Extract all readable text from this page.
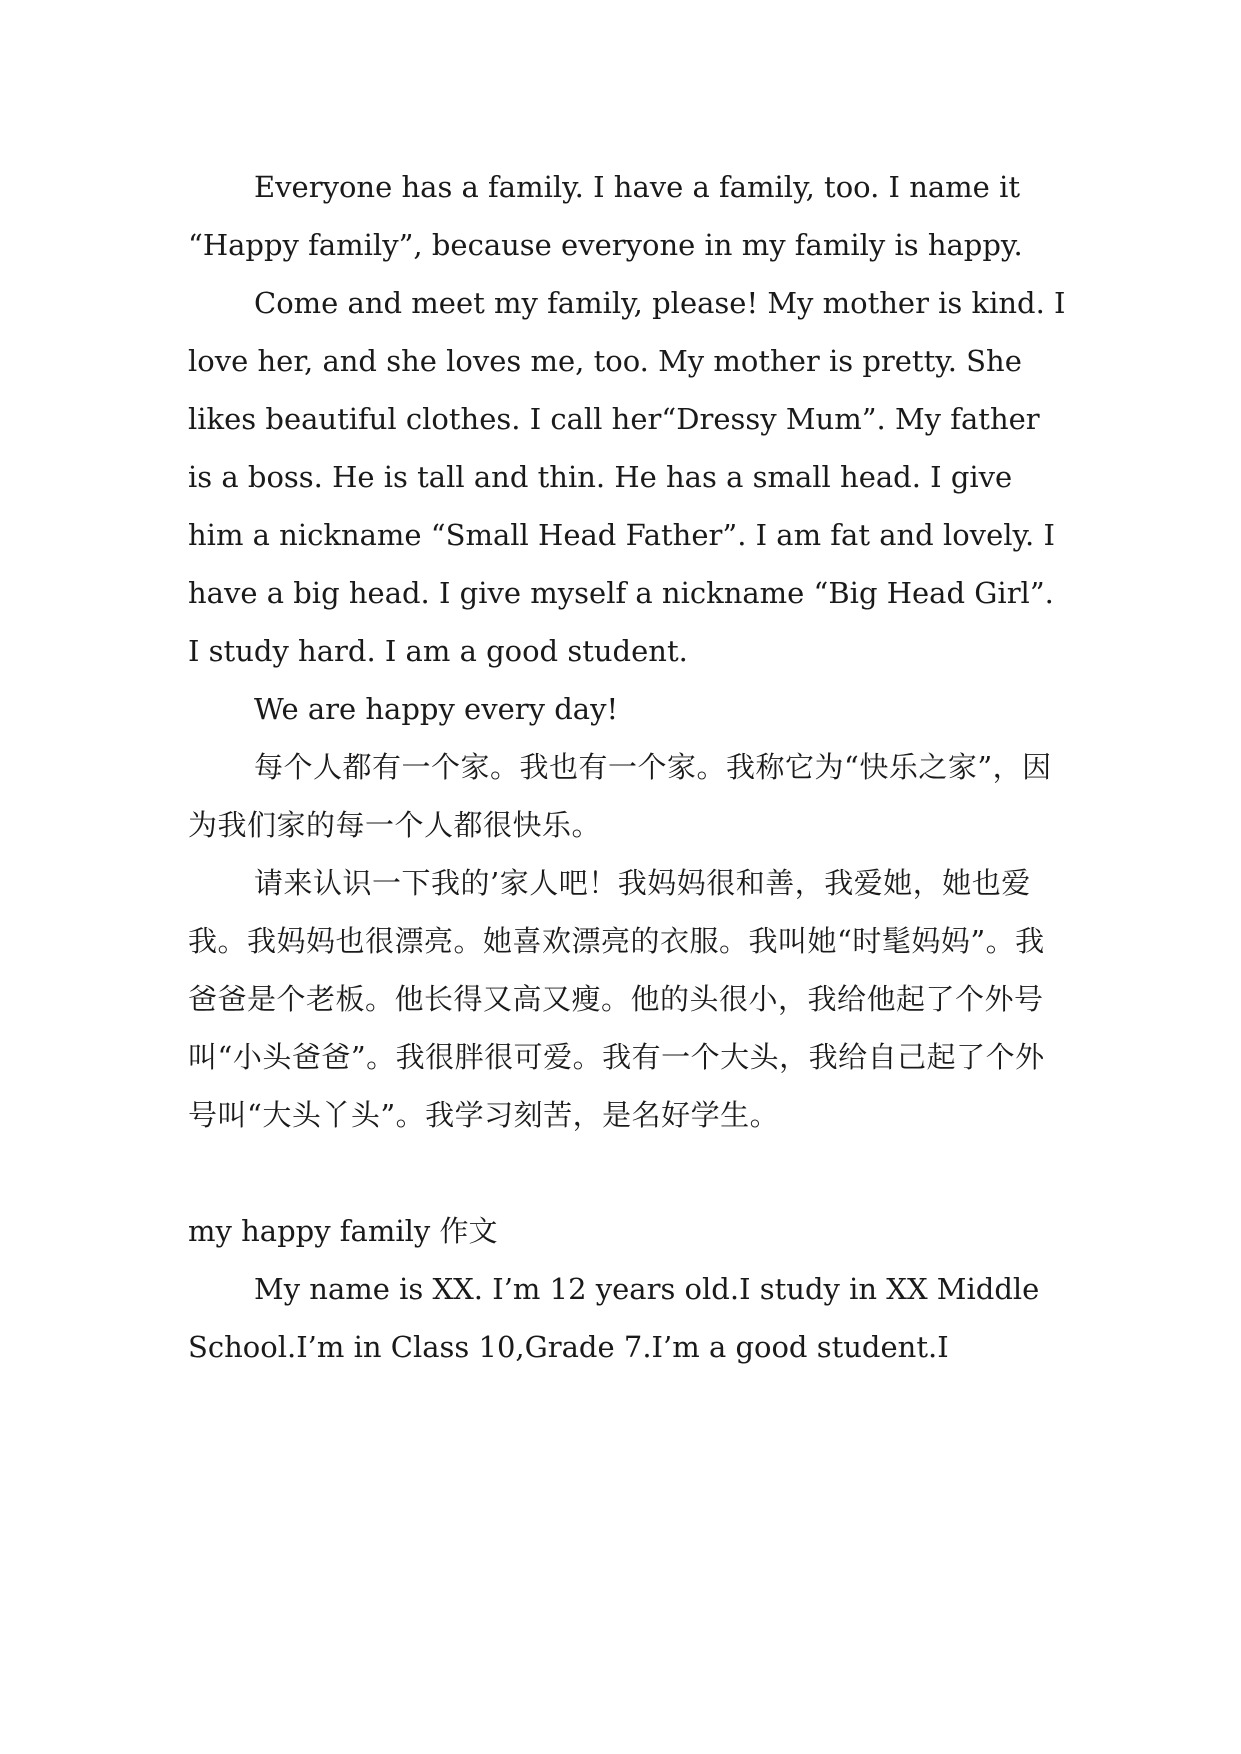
Everyone has a family. I have a family, too. I name it “Happy family”, because everyone in my family is happy.

Come and meet my family, please! My mother is kind. I love her, and she loves me, too. My mother is pretty. She likes beautiful clothes. I call her“Dressy Mum”. My father is a boss. He is tall and thin. He has a small head. I give him a nickname “Small Head Father”. I am fat and lovely. I have a big head. I give myself a nickname “Big Head Girl”. I study hard. I am a good student.

We are happy every day!

每个人都有一个家。我也有一个家。我称它为“快乐之家”，因为我们家的每一个人都很快乐。

请来认识一下我的’家人吧！我妈妈很和善，我爱她，她也爱我。我妈妈也很漂亮。她喜欢漂亮的衣服。我叫她“时髦妈妈”。我爸爸是个老板。他长得又高又瘦。他的头很小，我给他起了个外号叫“小头爸爸”。我很胖很可爱。我有一个大头，我给自己起了个外号叫“大头丫头”。我学习刻苦，是名好学生。

my happy family 作文

My name is XX. I’m 12 years old.I study in XX Middle School.I’m in Class 10,Grade 7.I’m a good student.I
